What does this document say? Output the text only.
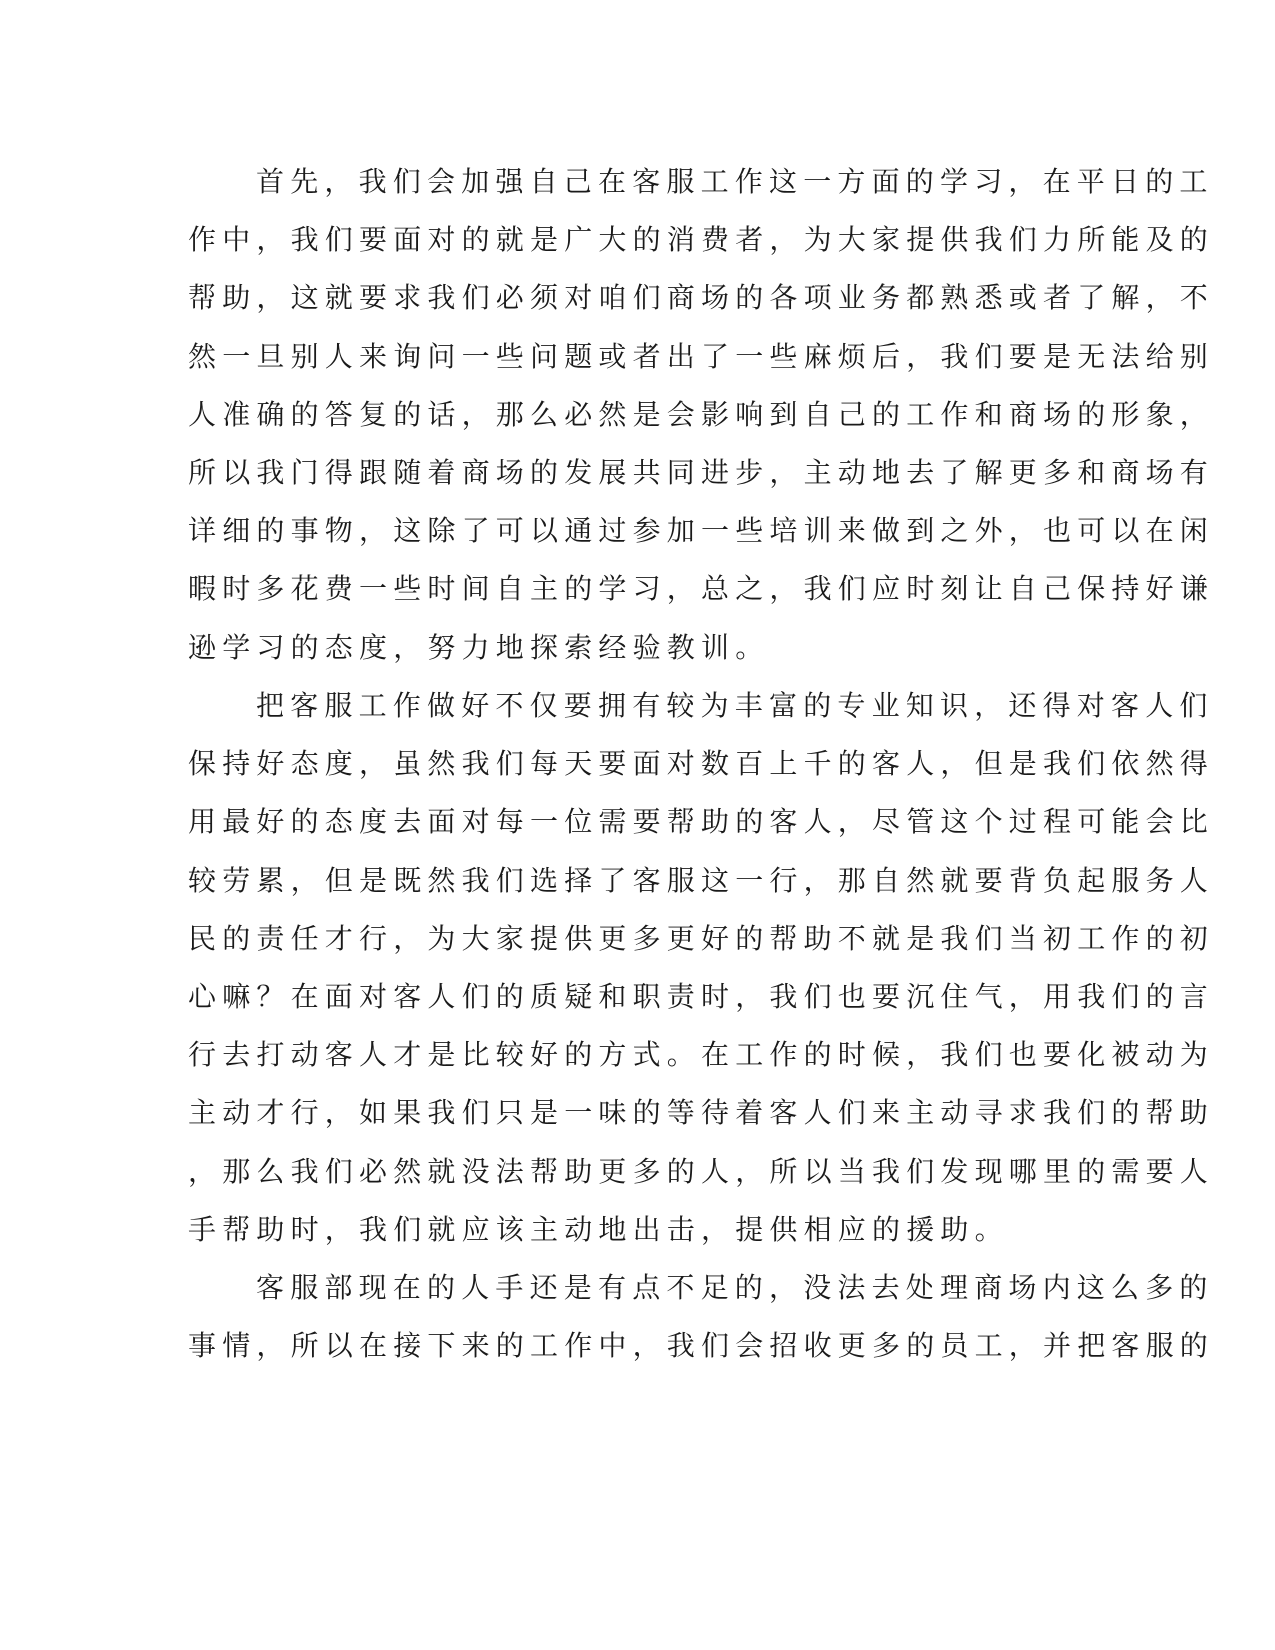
首先，我们会加强自己在客服工作这一方面的学习，在平日的工
作中，我们要面对的就是广大的消费者，为大家提供我们力所能及的
帮助，这就要求我们必须对咱们商场的各项业务都熟悉或者了解，不
然一旦别人来询问一些问题或者出了一些麻烦后，我们要是无法给别
人准确的答复的话，那么必然是会影响到自己的工作和商场的形象，
所以我门得跟随着商场的发展共同进步，主动地去了解更多和商场有
详细的事物，这除了可以通过参加一些培训来做到之外，也可以在闲
暇时多花费一些时间自主的学习，总之，我们应时刻让自己保持好谦
逊学习的态度，努力地探索经验教训。
把客服工作做好不仅要拥有较为丰富的专业知识，还得对客人们
保持好态度，虽然我们每天要面对数百上千的客人，但是我们依然得
用最好的态度去面对每一位需要帮助的客人，尽管这个过程可能会比
较劳累，但是既然我们选择了客服这一行，那自然就要背负起服务人
民的责任才行，为大家提供更多更好的帮助不就是我们当初工作的初
心嘛？在面对客人们的质疑和职责时，我们也要沉住气，用我们的言
行去打动客人才是比较好的方式。在工作的时候，我们也要化被动为
主动才行，如果我们只是一味的等待着客人们来主动寻求我们的帮助
，那么我们必然就没法帮助更多的人，所以当我们发现哪里的需要人
手帮助时，我们就应该主动地出击，提供相应的援助。
客服部现在的人手还是有点不足的，没法去处理商场内这么多的
事情，所以在接下来的工作中，我们会招收更多的员工，并把客服的
